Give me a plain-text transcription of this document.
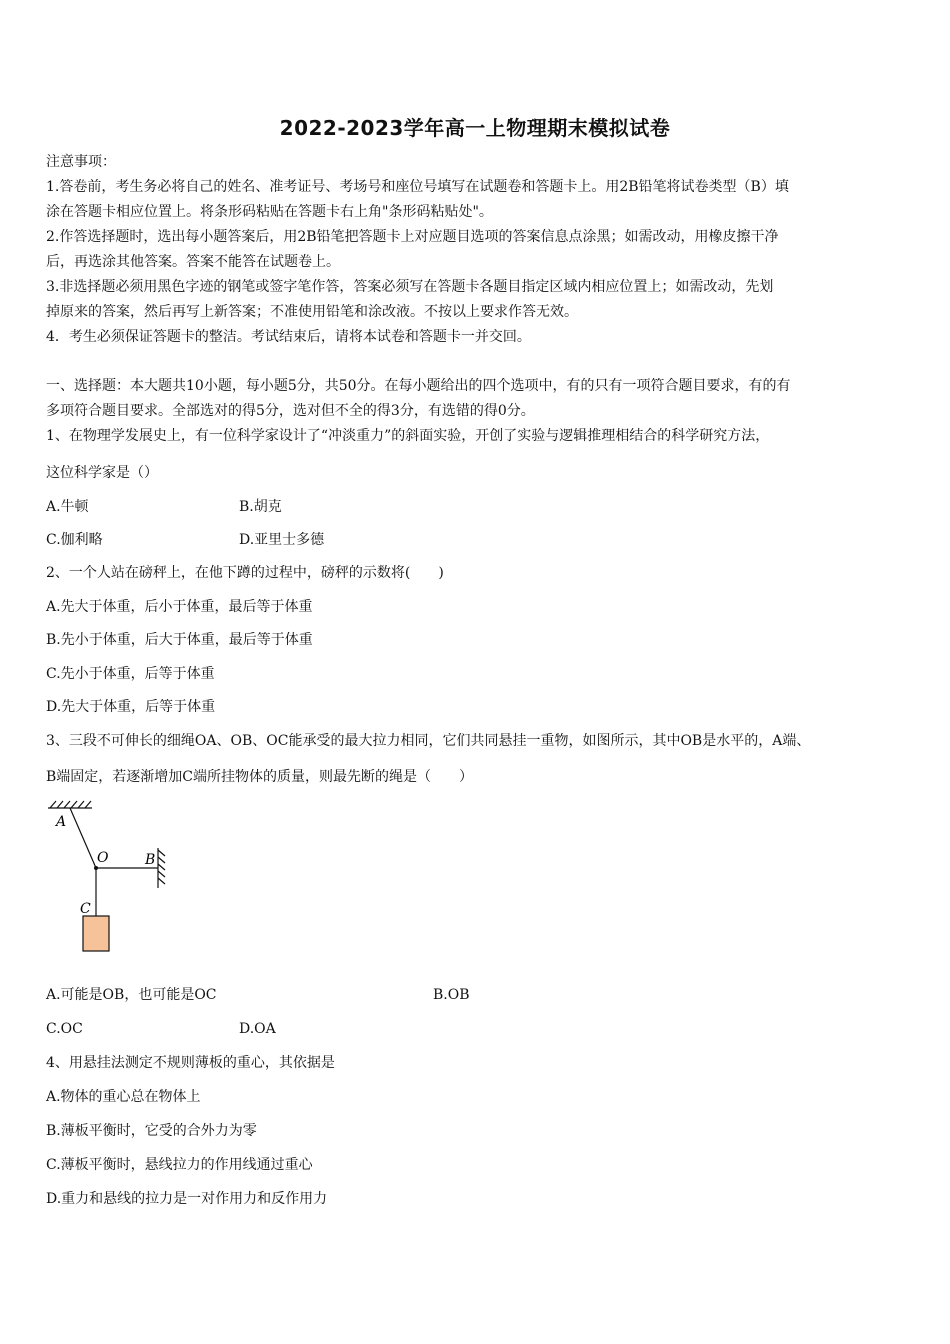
2022-2023学年高一上物理期末模拟试卷
注意事项：
1.答卷前，考生务必将自己的姓名、准考证号、考场号和座位号填写在试题卷和答题卡上。用2B铅笔将试卷类型（B）填
涂在答题卡相应位置上。将条形码粘贴在答题卡右上角"条形码粘贴处"。
2.作答选择题时，选出每小题答案后，用2B铅笔把答题卡上对应题目选项的答案信息点涂黑；如需改动，用橡皮擦干净
后，再选涂其他答案。答案不能答在试题卷上。
3.非选择题必须用黑色字迹的钢笔或签字笔作答，答案必须写在答题卡各题目指定区域内相应位置上；如需改动，先划
掉原来的答案，然后再写上新答案；不准使用铅笔和涂改液。不按以上要求作答无效。
4．考生必须保证答题卡的整洁。考试结束后，请将本试卷和答题卡一并交回。
一、选择题：本大题共10小题，每小题5分，共50分。在每小题给出的四个选项中，有的只有一项符合题目要求，有的有
多项符合题目要求。全部选对的得5分，选对但不全的得3分，有选错的得0分。
1、在物理学发展史上，有一位科学家设计了“冲淡重力”的斜面实验，开创了实验与逻辑推理相结合的科学研究方法，
这位科学家是（）
A.牛顿	B.胡克
C.伽利略	D.亚里士多德
2、一个人站在磅秤上，在他下蹲的过程中，磅秤的示数将(　　)
A.先大于体重，后小于体重，最后等于体重
B.先小于体重，后大于体重，最后等于体重
C.先小于体重，后等于体重
D.先大于体重，后等于体重
3、三段不可伸长的细绳OA、OB、OC能承受的最大拉力相同，它们共同悬挂一重物，如图所示，其中OB是水平的，A端、
B端固定，若逐渐增加C端所挂物体的质量，则最先断的绳是（　　）
A
O	B
C
A.可能是OB，也可能是OC	B.OB
C.OC	D.OA
4、用悬挂法测定不规则薄板的重心，其依据是
A.物体的重心总在物体上
B.薄板平衡时，它受的合外力为零
C.薄板平衡时，悬线拉力的作用线通过重心
D.重力和悬线的拉力是一对作用力和反作用力
